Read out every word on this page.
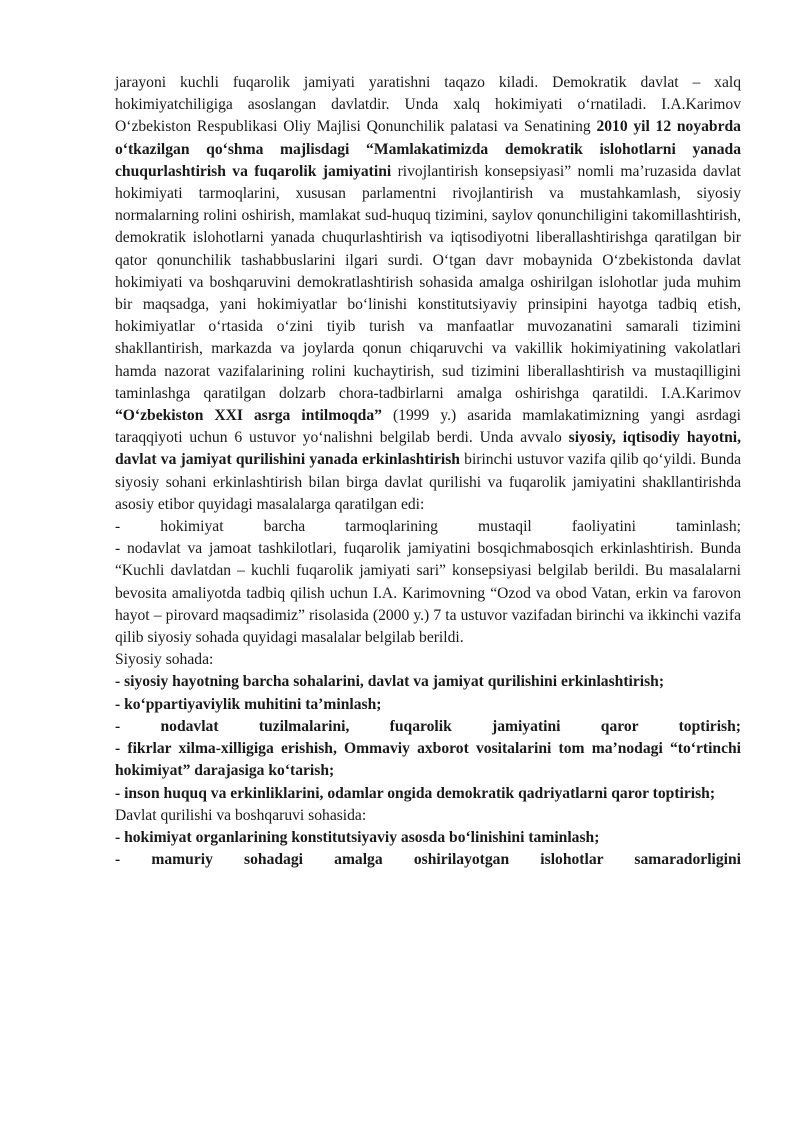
jarayoni kuchli fuqarolik jamiyati yaratishni taqazo kiladi. Demokratik davlat – xalq hokimiyatchiligiga asoslangan davlatdir. Unda xalq hokimiyati oʻrnatiladi. I.A.Karimov Oʻzbekiston Respublikasi Oliy Majlisi Qonunchilik palatasi va Senatining 2010 yil 12 noyabrda oʻtkazilgan qoʻshma majlisdagi “Mamlakatimizda demokratik islohotlarni yanada chuqurlashtirish va fuqarolik jamiyatini rivojlantirish konsepsiyasi” nomli maʼruzasida davlat hokimiyati tarmoqlarini, xususan parlamentni rivojlantirish va mustahkamlash, siyosiy normalarning rolini oshirish, mamlakat sud-huquq tizimini, saylov qonunchiligini takomillashtirish, demokratik islohotlarni yanada chuqurlashtirish va iqtisodiyotni liberallashtirishga qaratilgan bir qator qonunchilik tashabbuslarini ilgari surdi. Oʻtgan davr mobaynida Oʻzbekistonda davlat hokimiyati va boshqaruvini demokratlashtirish sohasida amalga oshirilgan islohotlar juda muhim bir maqsadga, yani hokimiyatlar boʻlinishi konstitutsiyaviy prinsipini hayotga tadbiq etish, hokimiyatlar oʻrtasida oʻzini tiyib turish va manfaatlar muvozanatini samarali tizimini shakllantirish, markazda va joylarda qonun chiqaruvchi va vakillik hokimiyatining vakolatlari hamda nazorat vazifalarining rolini kuchaytirish, sud tizimini liberallashtirish va mustaqilligini taminlashga qaratilgan dolzarb chora-tadbirlarni amalga oshirishga qaratildi. I.A.Karimov “Oʻzbekiston XXI asrga intilmoqda” (1999 y.) asarida mamlakatimizning yangi asrdagi taraqqiyoti uchun 6 ustuvor yoʻnalishni belgilab berdi. Unda avvalo siyosiy, iqtisodiy hayotni, davlat va jamiyat qurilishini yanada erkinlashtirish birinchi ustuvor vazifa qilib qoʻyildi. Bunda siyosiy sohani erkinlashtirish bilan birga davlat qurilishi va fuqarolik jamiyatini shakllantirishda asosiy etibor quyidagi masalalarga qaratilgan edi:

- hokimiyat barcha tarmoqlarining mustaqil faoliyatini taminlash;

- nodavlat va jamoat tashkilotlari, fuqarolik jamiyatini bosqichmabosqich erkinlashtirish. Bunda “Kuchli davlatdan – kuchli fuqarolik jamiyati sari” konsepsiyasi belgilab berildi. Bu masalalarni bevosita amaliyotda tadbiq qilish uchun I.A. Karimovning “Ozod va obod Vatan, erkin va farovon hayot – pirovard maqsadimiz” risolasida (2000 y.) 7 ta ustuvor vazifadan birinchi va ikkinchi vazifa qilib siyosiy sohada quyidagi masalalar belgilab berildi.

Siyosiy sohada:

- siyosiy hayotning barcha sohalarini, davlat va jamiyat qurilishini erkinlashtirish;

- koʻppartiyaviylik muhitini taʼminlash;

- nodavlat tuzilmalarini, fuqarolik jamiyatini qaror toptirish;

- fikrlar xilma-xilligiga erishish, Ommaviy axborot vositalarini tom maʼnodagi “toʻrtinchi hokimiyat” darajasiga koʻtarish;

- inson huquq va erkinliklarini, odamlar ongida demokratik qadriyatlarni qaror toptirish;

Davlat qurilishi va boshqaruvi sohasida:

- hokimiyat organlarining konstitutsiyaviy asosda boʻlinishini taminlash;

- mamuriy sohadagi amalga oshirilayotgan islohotlar samaradorligini
